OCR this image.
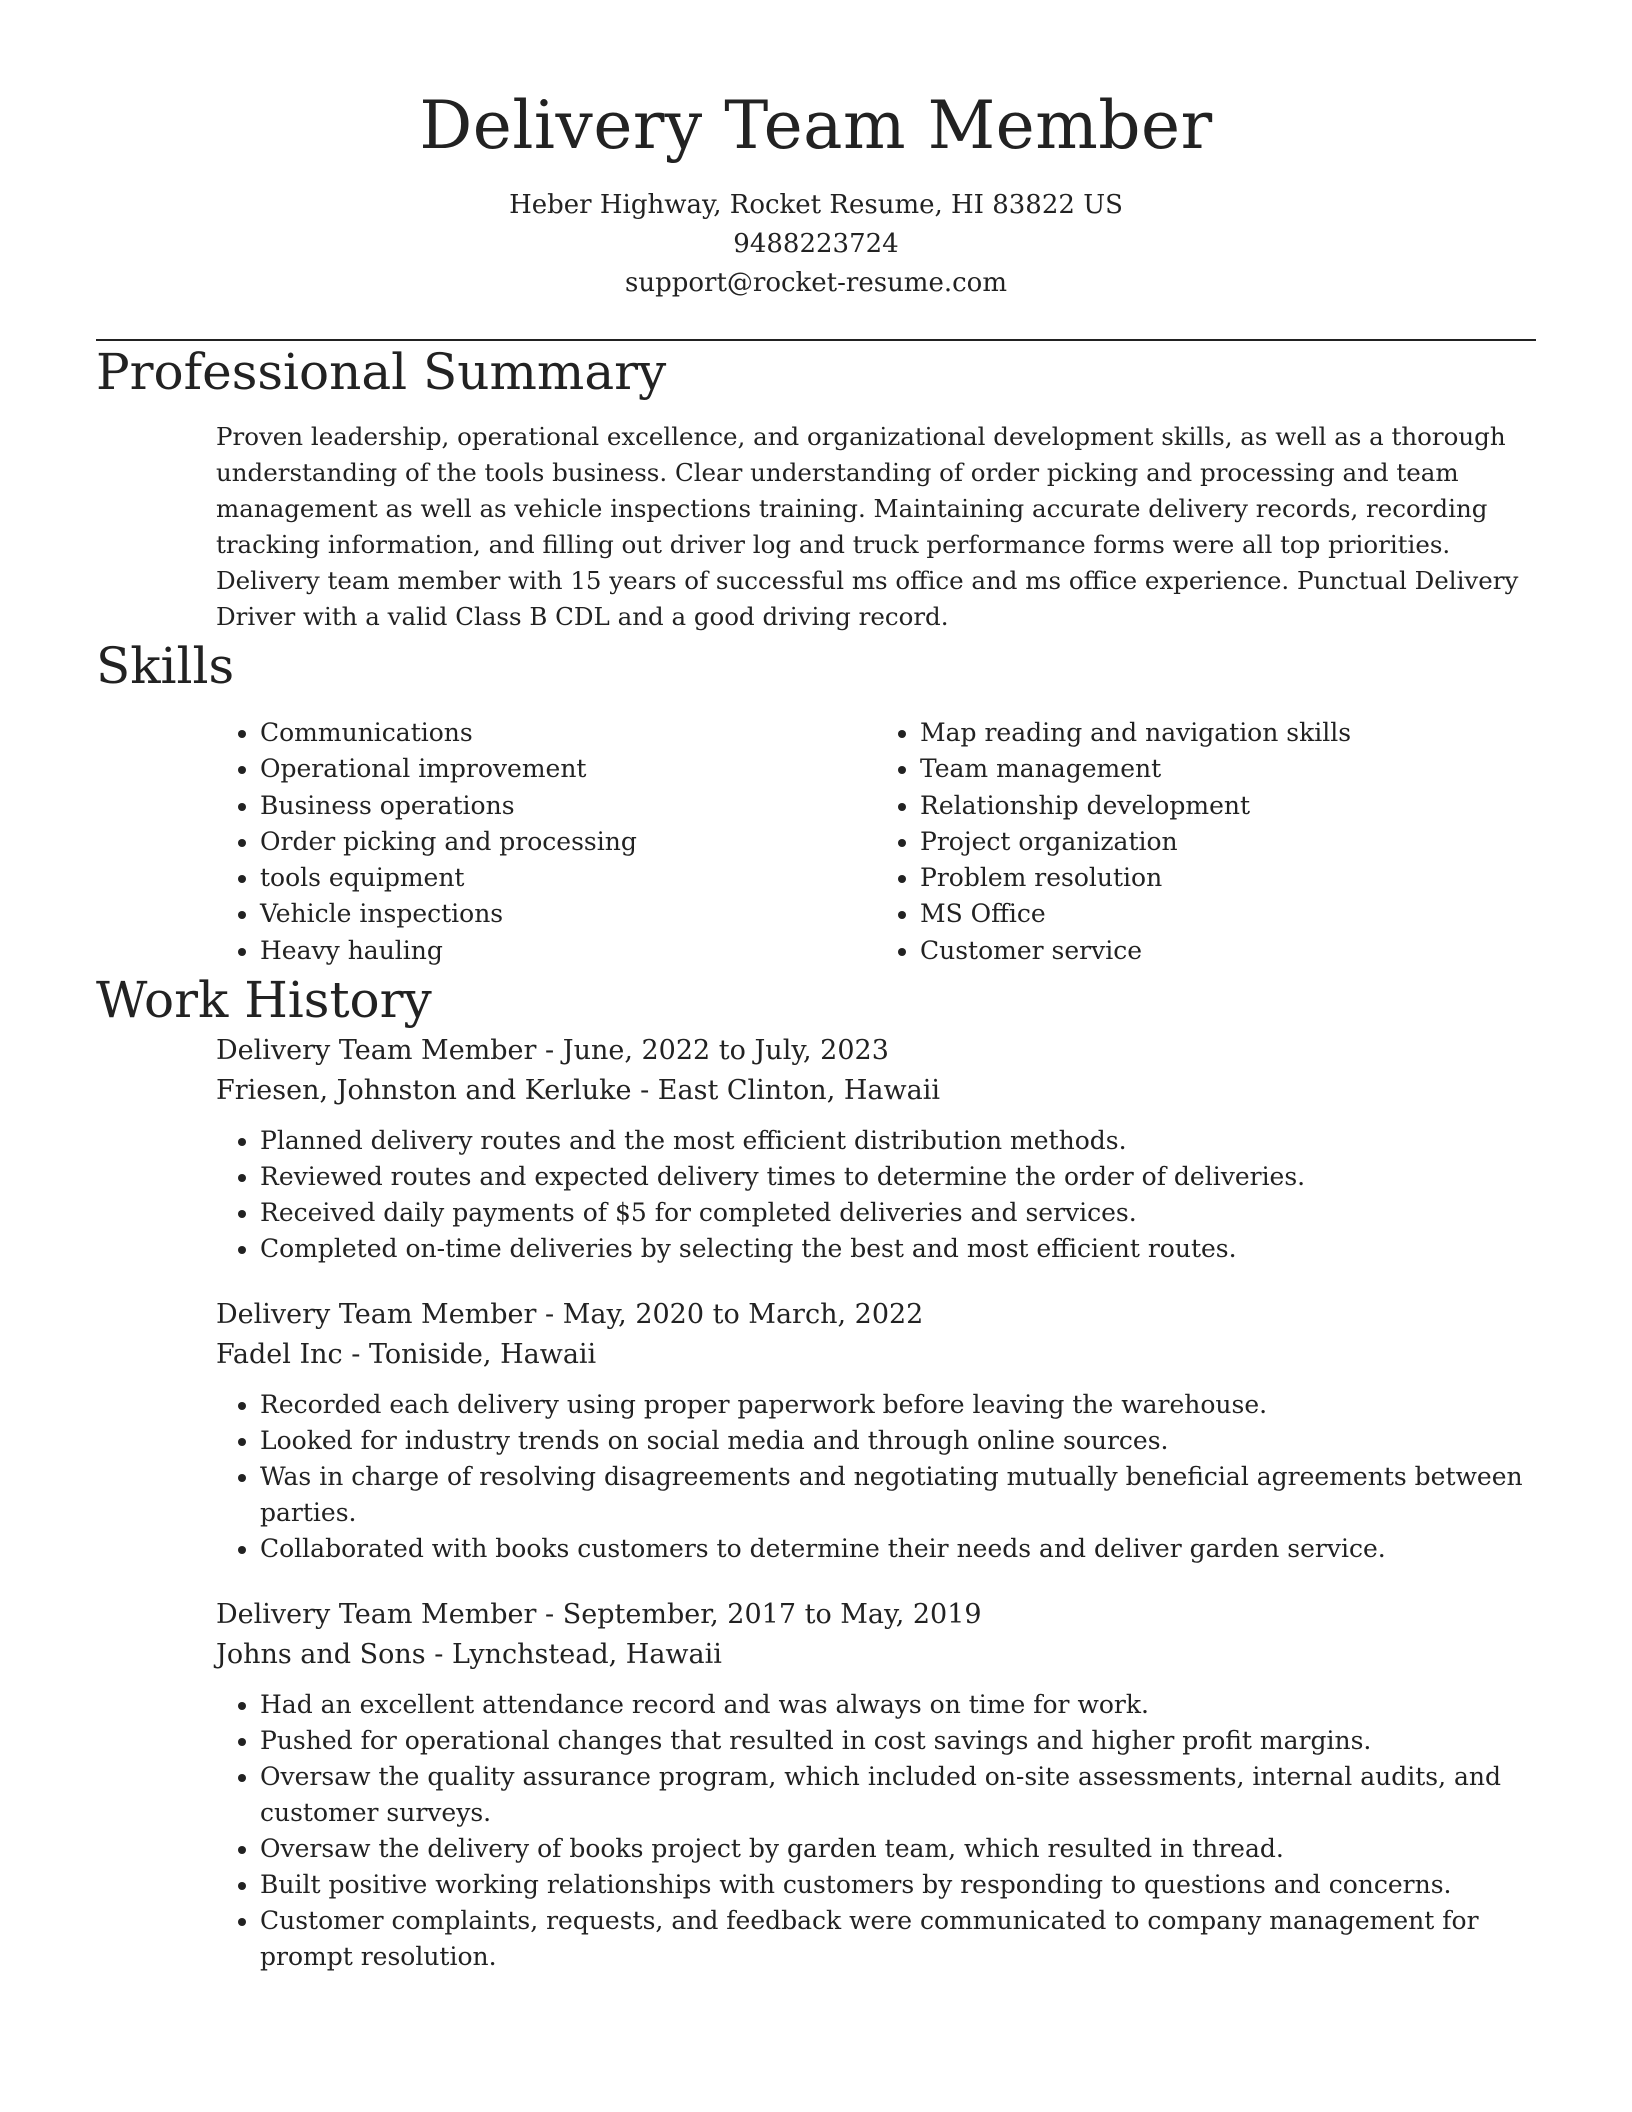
Delivery Team Member
Heber Highway, Rocket Resume, HI 83822 US
9488223724
support@rocket-resume.com
Professional Summary

Proven leadership, operational excellence, and organizational development skills, as well as a thorough understanding of the tools business. Clear understanding of order picking and processing and team management as well as vehicle inspections training. Maintaining accurate delivery records, recording tracking information, and filling out driver log and truck performance forms were all top priorities. Delivery team member with 15 years of successful ms office and ms office experience. Punctual Delivery Driver with a valid Class B CDL and a good driving record.

Skills
• Communications
• Operational improvement
• Business operations
• Order picking and processing
• tools equipment
• Vehicle inspections
• Heavy hauling
• Map reading and navigation skills
• Team management
• Relationship development
• Project organization
• Problem resolution
• MS Office
• Customer service
Work History
Delivery Team Member - June, 2022 to July, 2023
Friesen, Johnston and Kerluke - East Clinton, Hawaii
• Planned delivery routes and the most efficient distribution methods.
• Reviewed routes and expected delivery times to determine the order of deliveries.
• Received daily payments of $5 for completed deliveries and services.
• Completed on-time deliveries by selecting the best and most efficient routes.
Delivery Team Member - May, 2020 to March, 2022
Fadel Inc - Toniside, Hawaii
• Recorded each delivery using proper paperwork before leaving the warehouse.
• Looked for industry trends on social media and through online sources.
• Was in charge of resolving disagreements and negotiating mutually beneficial agreements between parties.
• Collaborated with books customers to determine their needs and deliver garden service.
Delivery Team Member - September, 2017 to May, 2019
Johns and Sons - Lynchstead, Hawaii
• Had an excellent attendance record and was always on time for work.
• Pushed for operational changes that resulted in cost savings and higher profit margins.
• Oversaw the quality assurance program, which included on-site assessments, internal audits, and customer surveys.
• Oversaw the delivery of books project by garden team, which resulted in thread.
• Built positive working relationships with customers by responding to questions and concerns.
• Customer complaints, requests, and feedback were communicated to company management for prompt resolution.
